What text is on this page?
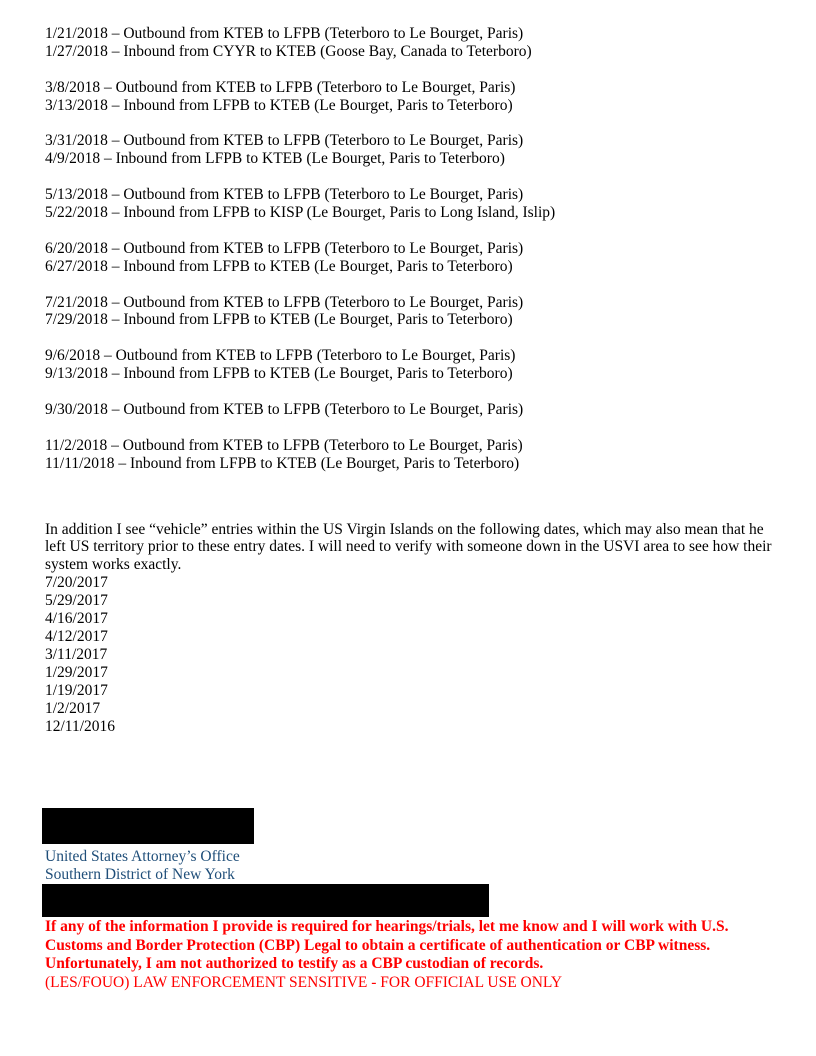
1/21/2018 – Outbound from KTEB to LFPB (Teterboro to Le Bourget, Paris)
1/27/2018 – Inbound from CYYR to KTEB (Goose Bay, Canada to Teterboro)
3/8/2018 – Outbound from KTEB to LFPB (Teterboro to Le Bourget, Paris)
3/13/2018 – Inbound from LFPB to KTEB (Le Bourget, Paris to Teterboro)
3/31/2018 – Outbound from KTEB to LFPB (Teterboro to Le Bourget, Paris)
4/9/2018 – Inbound from LFPB to KTEB (Le Bourget, Paris to Teterboro)
5/13/2018 – Outbound from KTEB to LFPB (Teterboro to Le Bourget, Paris)
5/22/2018 – Inbound from LFPB to KISP (Le Bourget, Paris to Long Island, Islip)
6/20/2018 – Outbound from KTEB to LFPB (Teterboro to Le Bourget, Paris)
6/27/2018 – Inbound from LFPB to KTEB (Le Bourget, Paris to Teterboro)
7/21/2018 – Outbound from KTEB to LFPB (Teterboro to Le Bourget, Paris)
7/29/2018 – Inbound from LFPB to KTEB (Le Bourget, Paris to Teterboro)
9/6/2018 – Outbound from KTEB to LFPB (Teterboro to Le Bourget, Paris)
9/13/2018 – Inbound from LFPB to KTEB (Le Bourget, Paris to Teterboro)
9/30/2018 – Outbound from KTEB to LFPB (Teterboro to Le Bourget, Paris)
11/2/2018 – Outbound from KTEB to LFPB (Teterboro to Le Bourget, Paris)
11/11/2018 – Inbound from LFPB to KTEB (Le Bourget, Paris to Teterboro)
In addition I see “vehicle” entries within the US Virgin Islands on the following dates, which may also mean that he left US territory prior to these entry dates. I will need to verify with someone down in the USVI area to see how their system works exactly.
7/20/2017
5/29/2017
4/16/2017
4/12/2017
3/11/2017
1/29/2017
1/19/2017
1/2/2017
12/11/2016
United States Attorney’s Office
Southern District of New York
If any of the information I provide is required for hearings/trials, let me know and I will work with U.S. Customs and Border Protection (CBP) Legal to obtain a certificate of authentication or CBP witness. Unfortunately, I am not authorized to testify as a CBP custodian of records.
(LES/FOUO) LAW ENFORCEMENT SENSITIVE - FOR OFFICIAL USE ONLY
